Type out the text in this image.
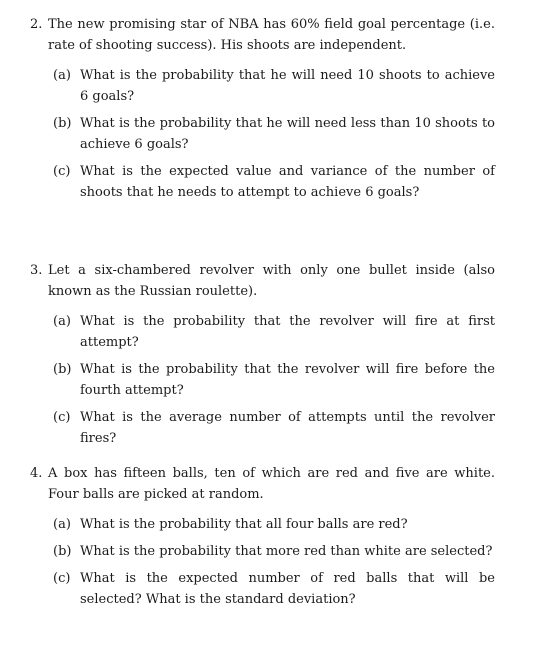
2. The new promising star of NBA has 60% field goal percentage (i.e. rate of shooting success). His shoots are independent.
(a) What is the probability that he will need 10 shoots to achieve 6 goals?
(b) What is the probability that he will need less than 10 shoots to achieve 6 goals?
(c) What is the expected value and variance of the number of shoots that he needs to attempt to achieve 6 goals?
3. Let a six-chambered revolver with only one bullet inside (also known as the Russian roulette).
(a) What is the probability that the revolver will fire at first attempt?
(b) What is the probability that the revolver will fire before the fourth attempt?
(c) What is the average number of attempts until the revolver fires?
4. A box has fifteen balls, ten of which are red and five are white. Four balls are picked at random.
(a) What is the probability that all four balls are red?
(b) What is the probability that more red than white are selected?
(c) What is the expected number of red balls that will be selected? What is the standard deviation?
